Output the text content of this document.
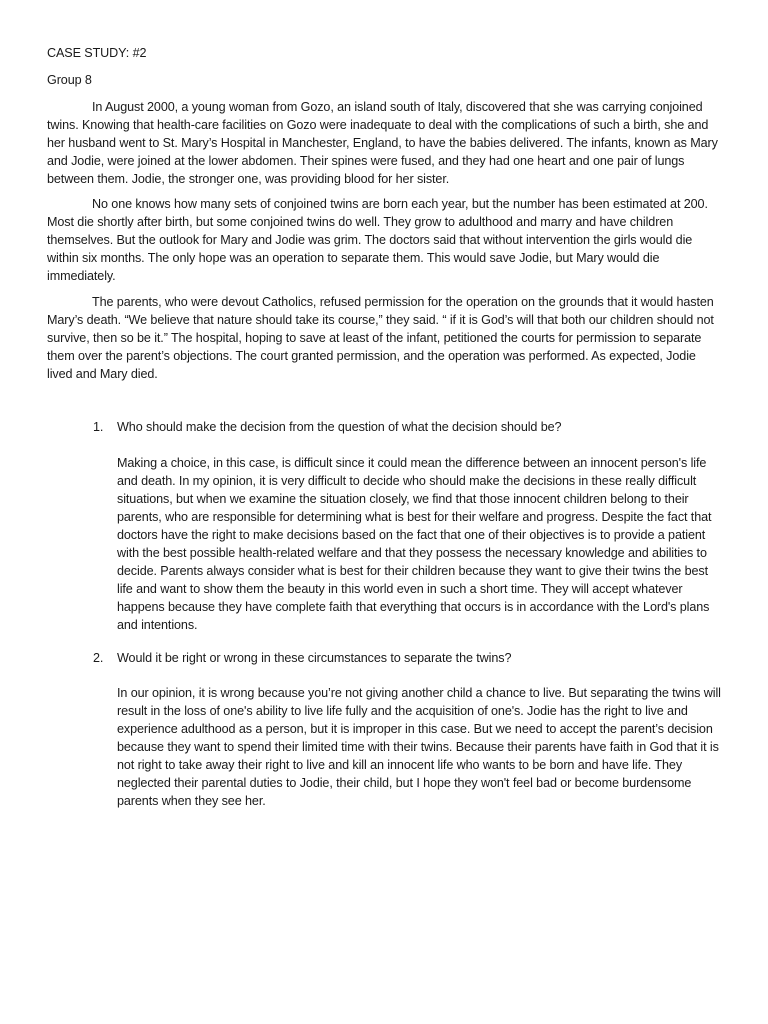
CASE STUDY: #2

Group 8

In August 2000, a young woman from Gozo, an island south of Italy, discovered that she was carrying conjoined twins. Knowing that health-care facilities on Gozo were inadequate to deal with the complications of such a birth, she and her husband went to St. Mary’s Hospital in Manchester, England, to have the babies delivered. The infants, known as Mary and Jodie, were joined at the lower abdomen. Their spines were fused, and they had one heart and one pair of lungs between them. Jodie, the stronger one, was providing blood for her sister.

No one knows how many sets of conjoined twins are born each year, but the number has been estimated at 200. Most die shortly after birth, but some conjoined twins do well. They grow to adulthood and marry and have children themselves. But the outlook for Mary and Jodie was grim. The doctors said that without intervention the girls would die within six months. The only hope was an operation to separate them. This would save Jodie, but Mary would die immediately.

The parents, who were devout Catholics, refused permission for the operation on the grounds that it would hasten Mary’s death. “We believe that nature should take its course,” they said. “ if it is God’s will that both our children should not survive, then so be it.” The hospital, hoping to save at least of the infant, petitioned the courts for permission to separate them over the parent’s objections. The court granted permission, and the operation was performed. As expected, Jodie lived and Mary died.

1. Who should make the decision from the question of what the decision should be?

Making a choice, in this case, is difficult since it could mean the difference between an innocent person's life and death. In my opinion, it is very difficult to decide who should make the decisions in these really difficult situations, but when we examine the situation closely, we find that those innocent children belong to their parents, who are responsible for determining what is best for their welfare and progress. Despite the fact that doctors have the right to make decisions based on the fact that one of their objectives is to provide a patient with the best possible health-related welfare and that they possess the necessary knowledge and abilities to decide. Parents always consider what is best for their children because they want to give their twins the best life and want to show them the beauty in this world even in such a short time. They will accept whatever happens because they have complete faith that everything that occurs is in accordance with the Lord's plans and intentions.

2. Would it be right or wrong in these circumstances to separate the twins?

In our opinion, it is wrong because you’re not giving another child a chance to live. But separating the twins will result in the loss of one's ability to live life fully and the acquisition of one's. Jodie has the right to live and experience adulthood as a person, but it is improper in this case. But we need to accept the parent’s decision because they want to spend their limited time with their twins. Because their parents have faith in God that it is not right to take away their right to live and kill an innocent life who wants to be born and have life. They neglected their parental duties to Jodie, their child, but I hope they won't feel bad or become burdensome parents when they see her.
